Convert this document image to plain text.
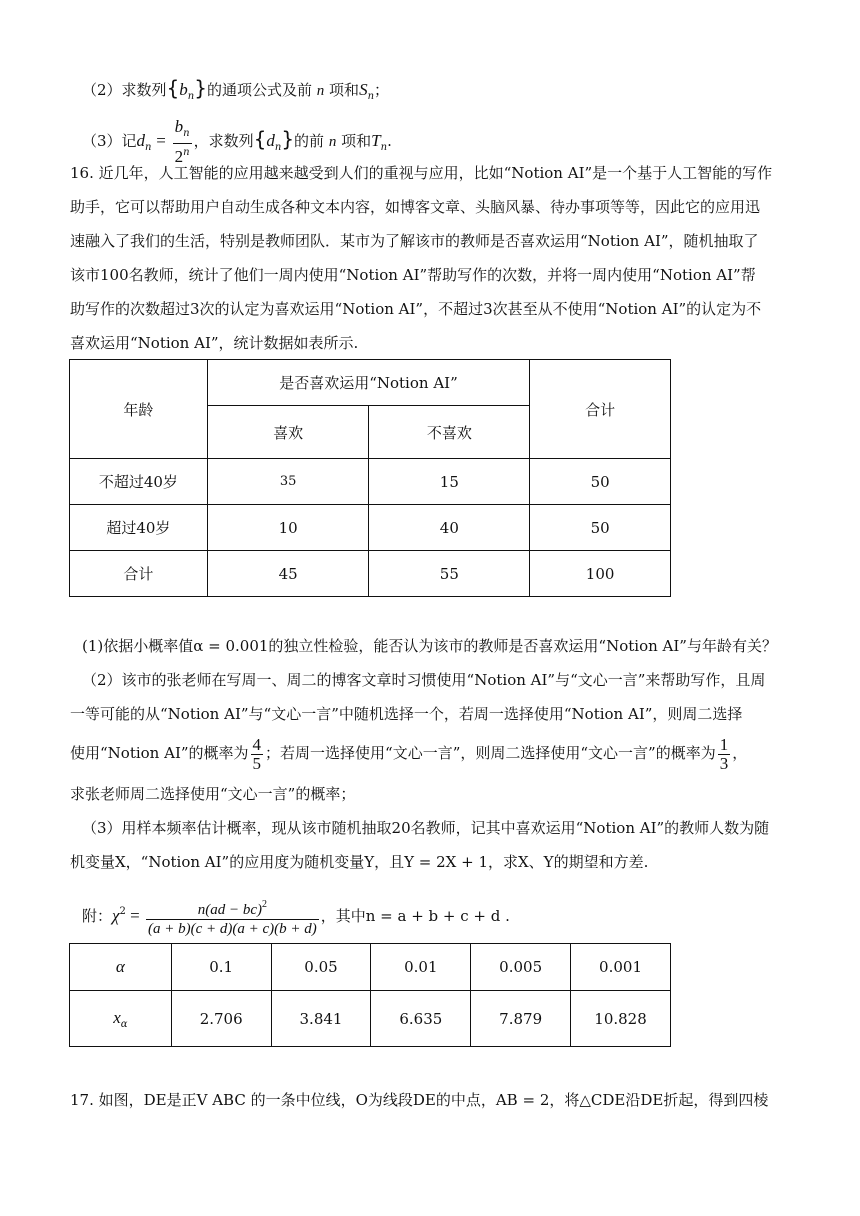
（2）求数列$\{b_n\}$的通项公式及前 n 项和$S_n$；
（3）记$d_n = \frac{b_n}{2^n}$ ，求数列$\{d_n\}$的前 n 项和$T_n$.
16. 近几年，人工智能的应用越来越受到人们的重视与应用，比如“Notion AI”是一个基于人工智能的写作
助手，它可以帮助用户自动生成各种文本内容，如博客文章、头脑风暴、待办事项等等，因此它的应用迅
速融入了我们的生活，特别是教师团队．某市为了解该市的教师是否喜欢运用“Notion AI”，随机抽取了
该市100名教师，统计了他们一周内使用“Notion AI”帮助写作的次数，并将一周内使用“Notion AI”帮
助写作的次数超过3次的认定为喜欢运用“Notion AI”，不超过3次甚至从不使用“Notion AI”的认定为不
喜欢运用“Notion AI”，统计数据如表所示.
年龄	是否喜欢运用“Notion AI”		合计
	喜欢	不喜欢	
不超过40岁	35	15	50
超过40岁	10	40	50
合计	45	55	100
(1)依据小概率值α = 0.001的独立性检验，能否认为该市的教师是否喜欢运用“Notion AI”与年龄有关？
（2）该市的张老师在写周一、周二的博客文章时习惯使用“Notion AI”与“文心一言”来帮助写作，且周
一等可能的从“Notion AI”与“文心一言”中随机选择一个，若周一选择使用“Notion AI”，则周二选择
使用“Notion AI”的概率为 $\frac{4}{5}$ ；若周一选择使用“文心一言”，则周二选择使用“文心一言”的概率为 $\frac{1}{3}$ ，
求张老师周二选择使用“文心一言”的概率；
（3）用样本频率估计概率，现从该市随机抽取20名教师，记其中喜欢运用“Notion AI”的教师人数为随
机变量X，“Notion AI”的应用度为随机变量Y，且Y = 2X + 1，求X、Y的期望和方差.
附：$\chi^2 = \frac{n(ad - bc)^2}{(a + b)(c + d)(a + c)(b + d)}$ ，其中n = a + b + c + d .
α	0.1	0.05	0.01	0.005	0.001
$x_\alpha$	2.706	3.841	6.635	7.879	10.828
17. 如图，DE是正V ABC 的一条中位线，O为线段DE的中点，AB = 2，将△CDE沿DE折起，得到四棱
